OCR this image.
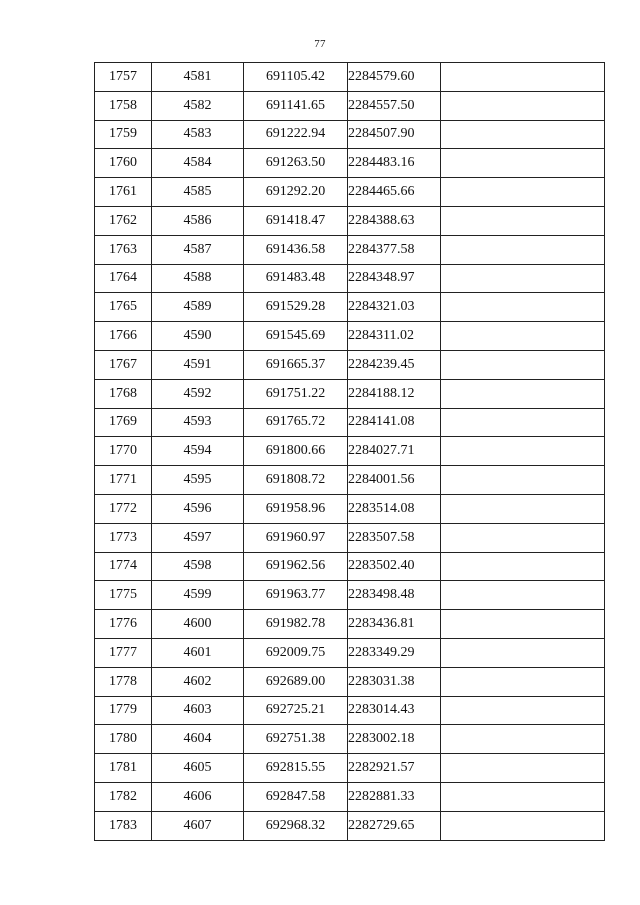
77
1757	4581	691105.42	2284579.60	
1758	4582	691141.65	2284557.50	
1759	4583	691222.94	2284507.90	
1760	4584	691263.50	2284483.16	
1761	4585	691292.20	2284465.66	
1762	4586	691418.47	2284388.63	
1763	4587	691436.58	2284377.58	
1764	4588	691483.48	2284348.97	
1765	4589	691529.28	2284321.03	
1766	4590	691545.69	2284311.02	
1767	4591	691665.37	2284239.45	
1768	4592	691751.22	2284188.12	
1769	4593	691765.72	2284141.08	
1770	4594	691800.66	2284027.71	
1771	4595	691808.72	2284001.56	
1772	4596	691958.96	2283514.08	
1773	4597	691960.97	2283507.58	
1774	4598	691962.56	2283502.40	
1775	4599	691963.77	2283498.48	
1776	4600	691982.78	2283436.81	
1777	4601	692009.75	2283349.29	
1778	4602	692689.00	2283031.38	
1779	4603	692725.21	2283014.43	
1780	4604	692751.38	2283002.18	
1781	4605	692815.55	2282921.57	
1782	4606	692847.58	2282881.33	
1783	4607	692968.32	2282729.65	
